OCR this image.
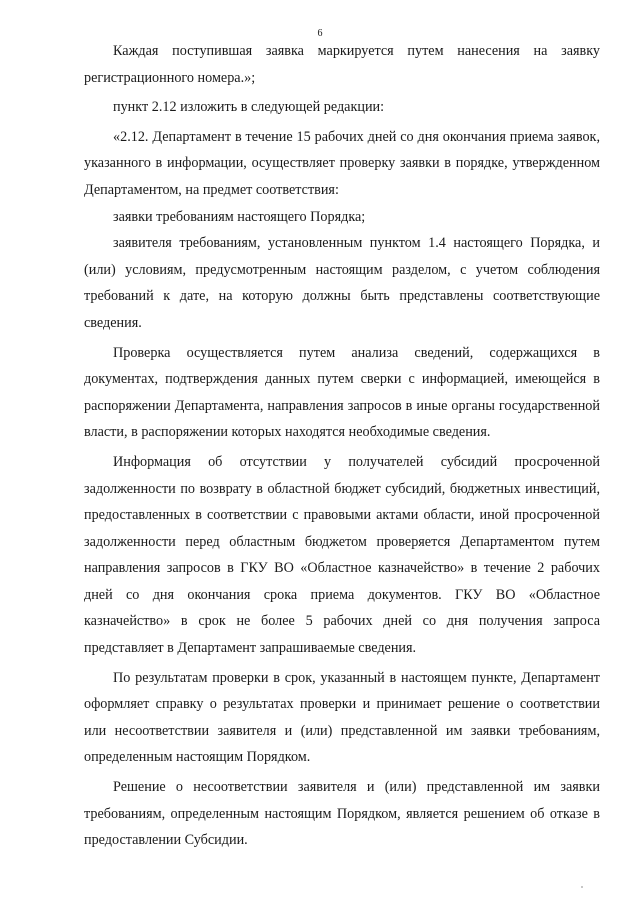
6

Каждая поступившая заявка маркируется путем нанесения на заявку регистрационного номера.»;

пункт 2.12 изложить в следующей редакции:

«2.12. Департамент в течение 15 рабочих дней со дня окончания приема заявок, указанного в информации, осуществляет проверку заявки в порядке, утвержденном Департаментом, на предмет соответствия:

заявки требованиям настоящего Порядка;

заявителя требованиям, установленным пунктом 1.4 настоящего Порядка, и (или) условиям, предусмотренным настоящим разделом, с учетом соблюдения требований к дате, на которую должны быть представлены соответствующие сведения.

Проверка осуществляется путем анализа сведений, содержащихся в документах, подтверждения данных путем сверки с информацией, имеющейся в распоряжении Департамента, направления запросов в иные органы государственной власти, в распоряжении которых находятся необходимые сведения.

Информация об отсутствии у получателей субсидий просроченной задолженности по возврату в областной бюджет субсидий, бюджетных инвестиций, предоставленных в соответствии с правовыми актами области, иной просроченной задолженности перед областным бюджетом проверяется Департаментом путем направления запросов в ГКУ ВО «Областное казначейство» в течение 2 рабочих дней со дня окончания срока приема документов. ГКУ ВО «Областное казначейство» в срок не более 5 рабочих дней со дня получения запроса представляет в Департамент запрашиваемые сведения.

По результатам проверки в срок, указанный в настоящем пункте, Департамент оформляет справку о результатах проверки и принимает решение о соответствии или несоответствии заявителя и (или) представленной им заявки требованиям, определенным настоящим Порядком.

Решение о несоответствии заявителя и (или) представленной им заявки требованиям, определенным настоящим Порядком, является решением об отказе в предоставлении Субсидии.
